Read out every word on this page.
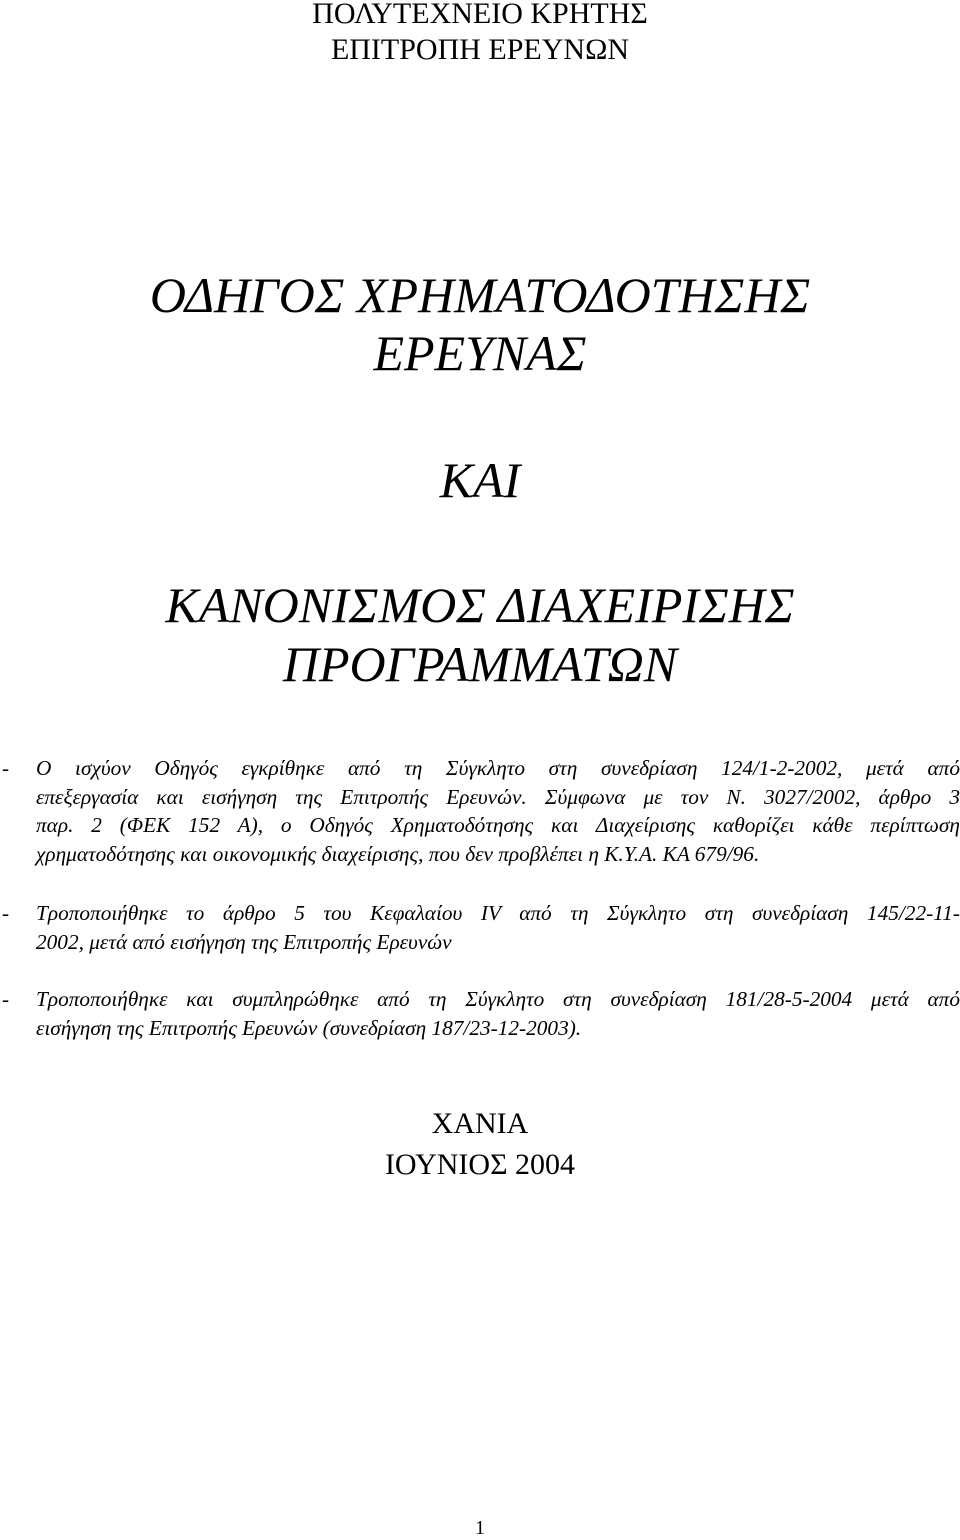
ΠΟΛΥΤΕΧΝΕΙΟ ΚΡΗΤΗΣ
ΕΠΙΤΡΟΠΗ ΕΡΕΥΝΩΝ
ΟΔΗΓΟΣ ΧΡΗΜΑΤΟΔΟΤΗΣΗΣ
ΕΡΕΥΝΑΣ
ΚΑΙ
ΚΑΝΟΝΙΣΜΟΣ ΔΙΑΧΕΙΡΙΣΗΣ
ΠΡΟΓΡΑΜΜΑΤΩΝ
- Ο ισχύον Οδηγός εγκρίθηκε από τη Σύγκλητο στη συνεδρίαση 124/1-2-2002, μετά από
επεξεργασία και εισήγηση της Επιτροπής Ερευνών. Σύμφωνα με τον Ν. 3027/2002, άρθρο 3
παρ. 2 (ΦΕΚ 152 Α), ο Οδηγός Χρηματοδότησης και Διαχείρισης καθορίζει κάθε περίπτωση
χρηματοδότησης και οικονομικής διαχείρισης, που δεν προβλέπει η Κ.Υ.Α. ΚΑ 679/96.
- Τροποποιήθηκε το άρθρο 5 του Κεφαλαίου IV από τη Σύγκλητο στη συνεδρίαση 145/22-11-
2002, μετά από εισήγηση της Επιτροπής Ερευνών
- Τροποποιήθηκε και συμπληρώθηκε από τη Σύγκλητο στη συνεδρίαση 181/28-5-2004 μετά από
εισήγηση της Επιτροπής Ερευνών (συνεδρίαση 187/23-12-2003).
ΧΑΝΙΑ
ΙΟΥΝΙΟΣ 2004
1
